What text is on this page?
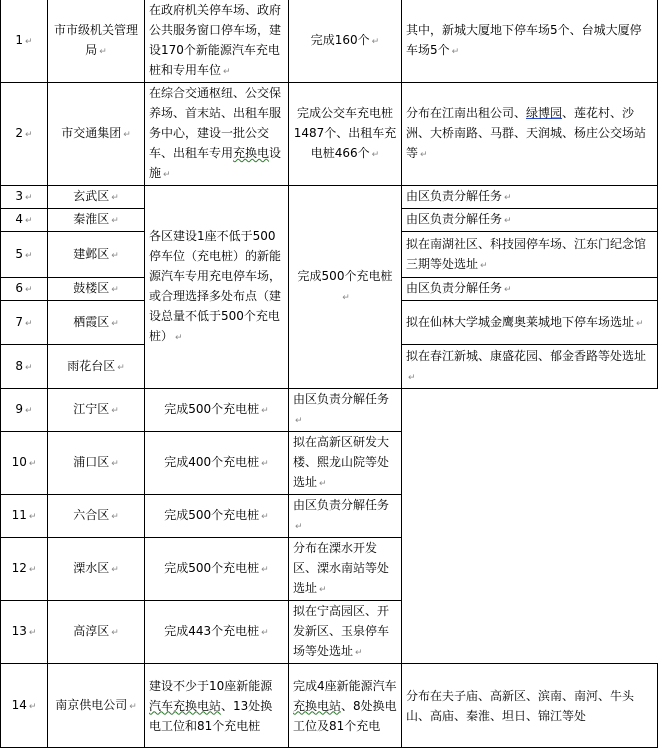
1 ↵	市市级机关管理局 ↵	在政府机关停车场、政府公共服务窗口停车场，建设170个新能源汽车充电桩和专用车位 ↵	完成160个 ↵	其中，新城大厦地下停车场5个、台城大厦停车场5个 ↵
2 ↵	市交通集团 ↵	在综合交通枢纽、公交保养场、首末站、出租车服务中心，建设一批公交车、出租车专用充换电设施 ↵	完成公交车充电桩1487个、出租车充电桩466个 ↵	分布在江南出租公司、绿博园、莲花村、沙洲、大桥南路、马群、天润城、杨庄公交场站等 ↵
3 ↵	玄武区 ↵	各区建设1座不低于500停车位（充电桩）的新能源汽车专用充电停车场，或合理选择多处布点（建设总量不低于500个充电桩） ↵	完成500个充电桩↵	由区负责分解任务 ↵
4 ↵	秦淮区 ↵			由区负责分解任务 ↵
5 ↵	建邺区 ↵			拟在南湖社区、科技园停车场、江东门纪念馆三期等处选址 ↵
6 ↵	鼓楼区 ↵			由区负责分解任务 ↵
7 ↵	栖霞区 ↵			拟在仙林大学城金鹰奥莱城地下停车场选址 ↵
8 ↵	雨花台区 ↵			拟在春江新城、康盛花园、郁金香路等处选址↵
9 ↵	江宁区 ↵	完成500个充电桩 ↵	由区负责分解任务↵	
10 ↵	浦口区 ↵	完成400个充电桩 ↵	拟在高新区研发大楼、熙龙山院等处选址 ↵	
11 ↵	六合区 ↵	完成500个充电桩 ↵	由区负责分解任务↵	
12 ↵	溧水区 ↵	完成500个充电桩 ↵	分布在溧水开发区、溧水南站等处选址 ↵	
13 ↵	高淳区 ↵	完成443个充电桩 ↵	拟在宁高园区、开发新区、玉泉停车场等处选址 ↵	
14 ↵	南京供电公司 ↵	建设不少于10座新能源汽车充换电站、13处换电工位和81个充电桩	完成4座新能源汽车充换电站、8处换电工位及81个充电	分布在夫子庙、高新区、滨南、南河、牛头山、高庙、秦淮、坦日、锦江等处
